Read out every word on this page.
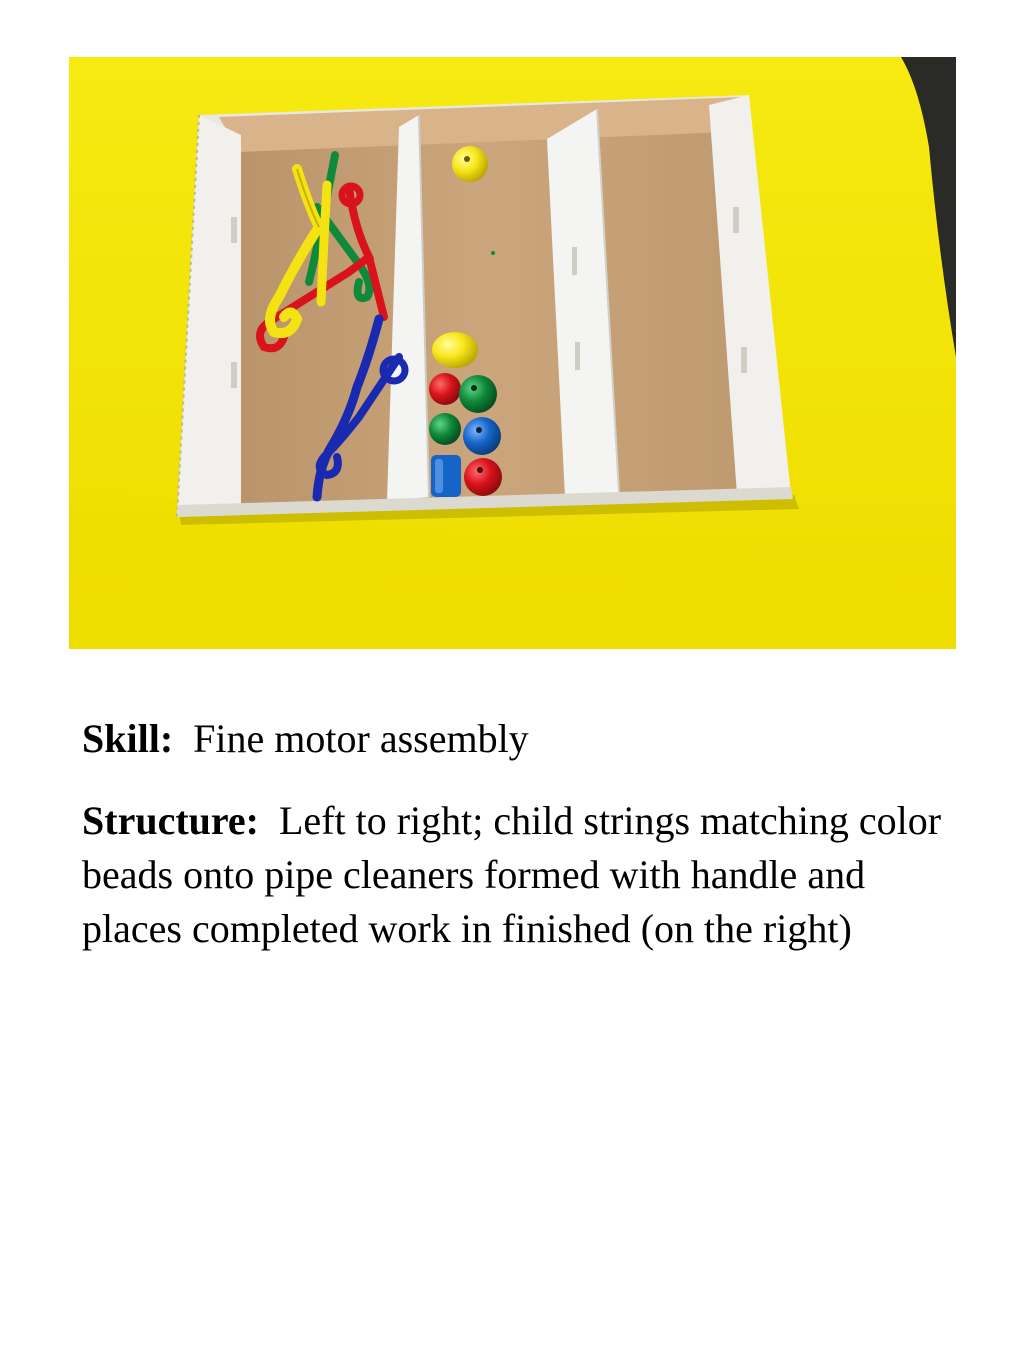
Skill: Fine motor assembly

Structure: Left to right; child strings matching color beads onto pipe cleaners formed with handle and places completed work in finished (on the right)
